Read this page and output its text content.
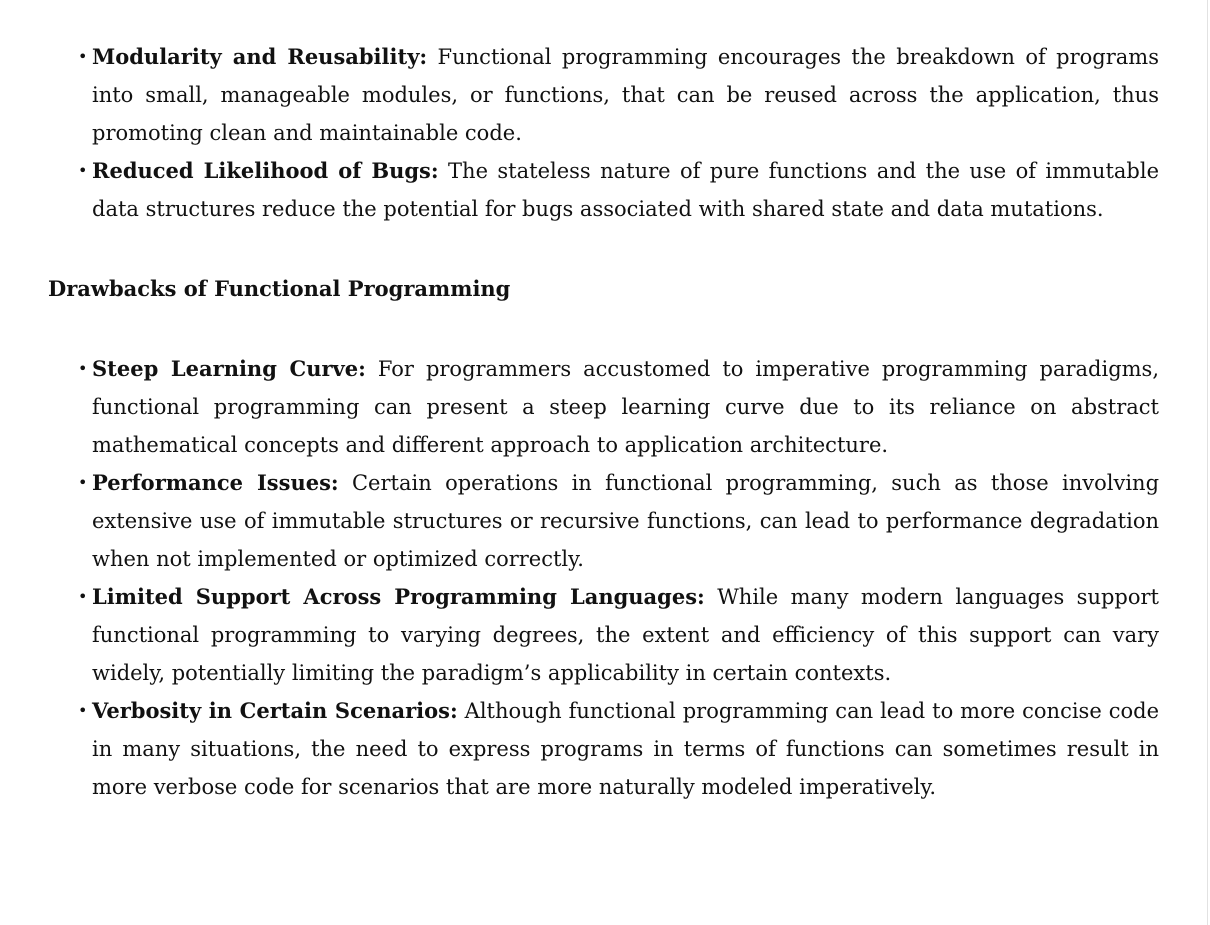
• Modularity and Reusability: Functional programming encourages the breakdown of programs into small, manageable modules, or functions, that can be reused across the application, thus promoting clean and maintainable code.
• Reduced Likelihood of Bugs: The stateless nature of pure functions and the use of immutable data structures reduce the potential for bugs associated with shared state and data mutations.
Drawbacks of Functional Programming
• Steep Learning Curve: For programmers accustomed to imperative programming paradigms, functional programming can present a steep learning curve due to its reliance on abstract mathematical concepts and different approach to application architecture.
• Performance Issues: Certain operations in functional programming, such as those involving extensive use of immutable structures or recursive functions, can lead to performance degradation when not implemented or optimized correctly.
• Limited Support Across Programming Languages: While many modern languages support functional programming to varying degrees, the extent and efficiency of this support can vary widely, potentially limiting the paradigm’s applicability in certain contexts.
• Verbosity in Certain Scenarios: Although functional programming can lead to more concise code in many situations, the need to express programs in terms of functions can sometimes result in more verbose code for scenarios that are more naturally modeled imperatively.
